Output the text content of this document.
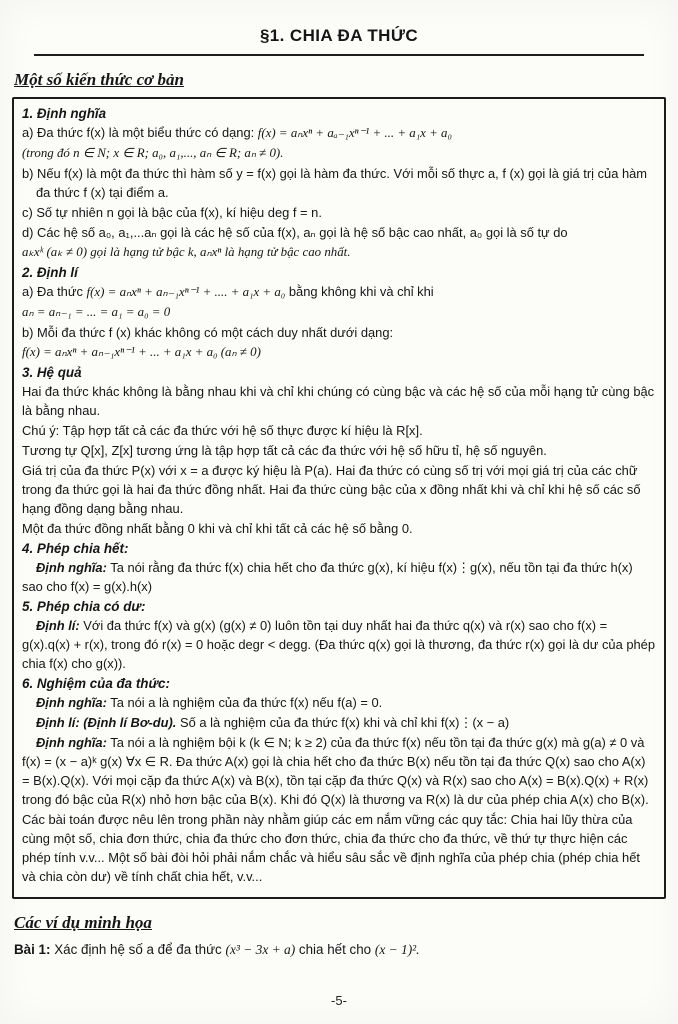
§1. CHIA ĐA THỨC
Một số kiến thức cơ bản
1. Định nghĩa

a) Đa thức f(x) là một biểu thức có dạng: f(x) = aₙxⁿ + aₐ₋₁xⁿ⁻¹ + ... + a₁x + a₀

(trong đó n ∈ N; x ∈ R; a₀, a₁,..., aₙ ∈ R; aₙ ≠ 0).

b) Nếu f(x) là một đa thức thì hàm số y = f(x) gọi là hàm đa thức. Với mỗi số thực a, f (x) gọi là giá trị của hàm đa thức f (x) tại điểm a.

c) Số tự nhiên n gọi là bậc của f(x), kí hiệu deg f = n.

d) Các hệ số a₀, a₁,...aₙ gọi là các hệ số của f(x), aₙ gọi là hệ số bậc cao nhất, a₀ gọi là số tự do

aₖxᵏ (aₖ ≠ 0) gọi là hạng tử bậc k, aₙxⁿ là hạng tử bậc cao nhất.

2. Định lí

a) Đa thức f(x) = aₙxⁿ + aₙ₋₁xⁿ⁻¹ + .... + a₁x + a₀ bằng không khi và chỉ khi

aₙ = aₙ₋₁ = ... = a₁ = a₀ = 0

b) Mỗi đa thức f (x) khác không có một cách duy nhất dưới dạng:

f(x) = aₙxⁿ + aₙ₋₁xⁿ⁻¹ + ... + a₁x + a₀ (aₙ ≠ 0)

3. Hệ quả

Hai đa thức khác không là bằng nhau khi và chỉ khi chúng có cùng bậc và các hệ số của mỗi hạng tử cùng bậc là bằng nhau.

Chú ý: Tập hợp tất cả các đa thức với hệ số thực được kí hiệu là R[x].

Tương tự Q[x], Z[x] tương ứng là tập hợp tất cả các đa thức với hệ số hữu tỉ, hệ số nguyên.

Giá trị của đa thức P(x) với x = a được ký hiệu là P(a). Hai đa thức có cùng số trị với mọi giá trị của các chữ trong đa thức gọi là hai đa thức đồng nhất. Hai đa thức cùng bậc của x đồng nhất khi và chỉ khi hệ số các số hạng đồng dạng bằng nhau.

Một đa thức đồng nhất bằng 0 khi và chỉ khi tất cả các hệ số bằng 0.

4. Phép chia hết:

Định nghĩa: Ta nói rằng đa thức f(x) chia hết cho đa thức g(x), kí hiệu f(x)⋮g(x), nếu tồn tại đa thức h(x) sao cho f(x) = g(x).h(x)

5. Phép chia có dư:

Định lí: Với đa thức f(x) và g(x) (g(x) ≠ 0) luôn tồn tại duy nhất hai đa thức q(x) và r(x) sao cho f(x) = g(x).q(x) + r(x), trong đó r(x) = 0 hoặc degr < degg. (Đa thức q(x) gọi là thương, đa thức r(x) gọi là dư của phép chia f(x) cho g(x)).

6. Nghiệm của đa thức:

Định nghĩa: Ta nói a là nghiệm của đa thức f(x) nếu f(a) = 0.

Định lí: (Định lí Bơ-du). Số a là nghiệm của đa thức f(x) khi và chỉ khi f(x)⋮(x − a)

Định nghĩa: Ta nói a là nghiệm bội k (k ∈ N; k ≥ 2) của đa thức f(x) nếu tồn tại đa thức g(x) mà g(a) ≠ 0 và f(x) = (x − a)ᵏ g(x) ∀x ∈ R. Đa thức A(x) gọi là chia hết cho đa thức B(x) nếu tồn tại đa thức Q(x) sao cho A(x) = B(x).Q(x). Với mọi cặp đa thức A(x) và B(x), tồn tại cặp đa thức Q(x) và R(x) sao cho A(x) = B(x).Q(x) + R(x) trong đó bậc của R(x) nhỏ hơn bậc của B(x). Khi đó Q(x) là thương va R(x) là dư của phép chia A(x) cho B(x).

Các bài toán được nêu lên trong phần này nhằm giúp các em nắm vững các quy tắc: Chia hai lũy thừa của cùng một số, chia đơn thức, chia đa thức cho đơn thức, chia đa thức cho đa thức, về thứ tự thực hiện các phép tính v.v... Một số bài đòi hỏi phải nắm chắc và hiểu sâu sắc về định nghĩa của phép chia (phép chia hết và chia còn dư) về tính chất chia hết, v.v...

Các ví dụ minh họa

Bài 1: Xác định hệ số a để đa thức (x³ − 3x + a) chia hết cho (x − 1)².

-5-
